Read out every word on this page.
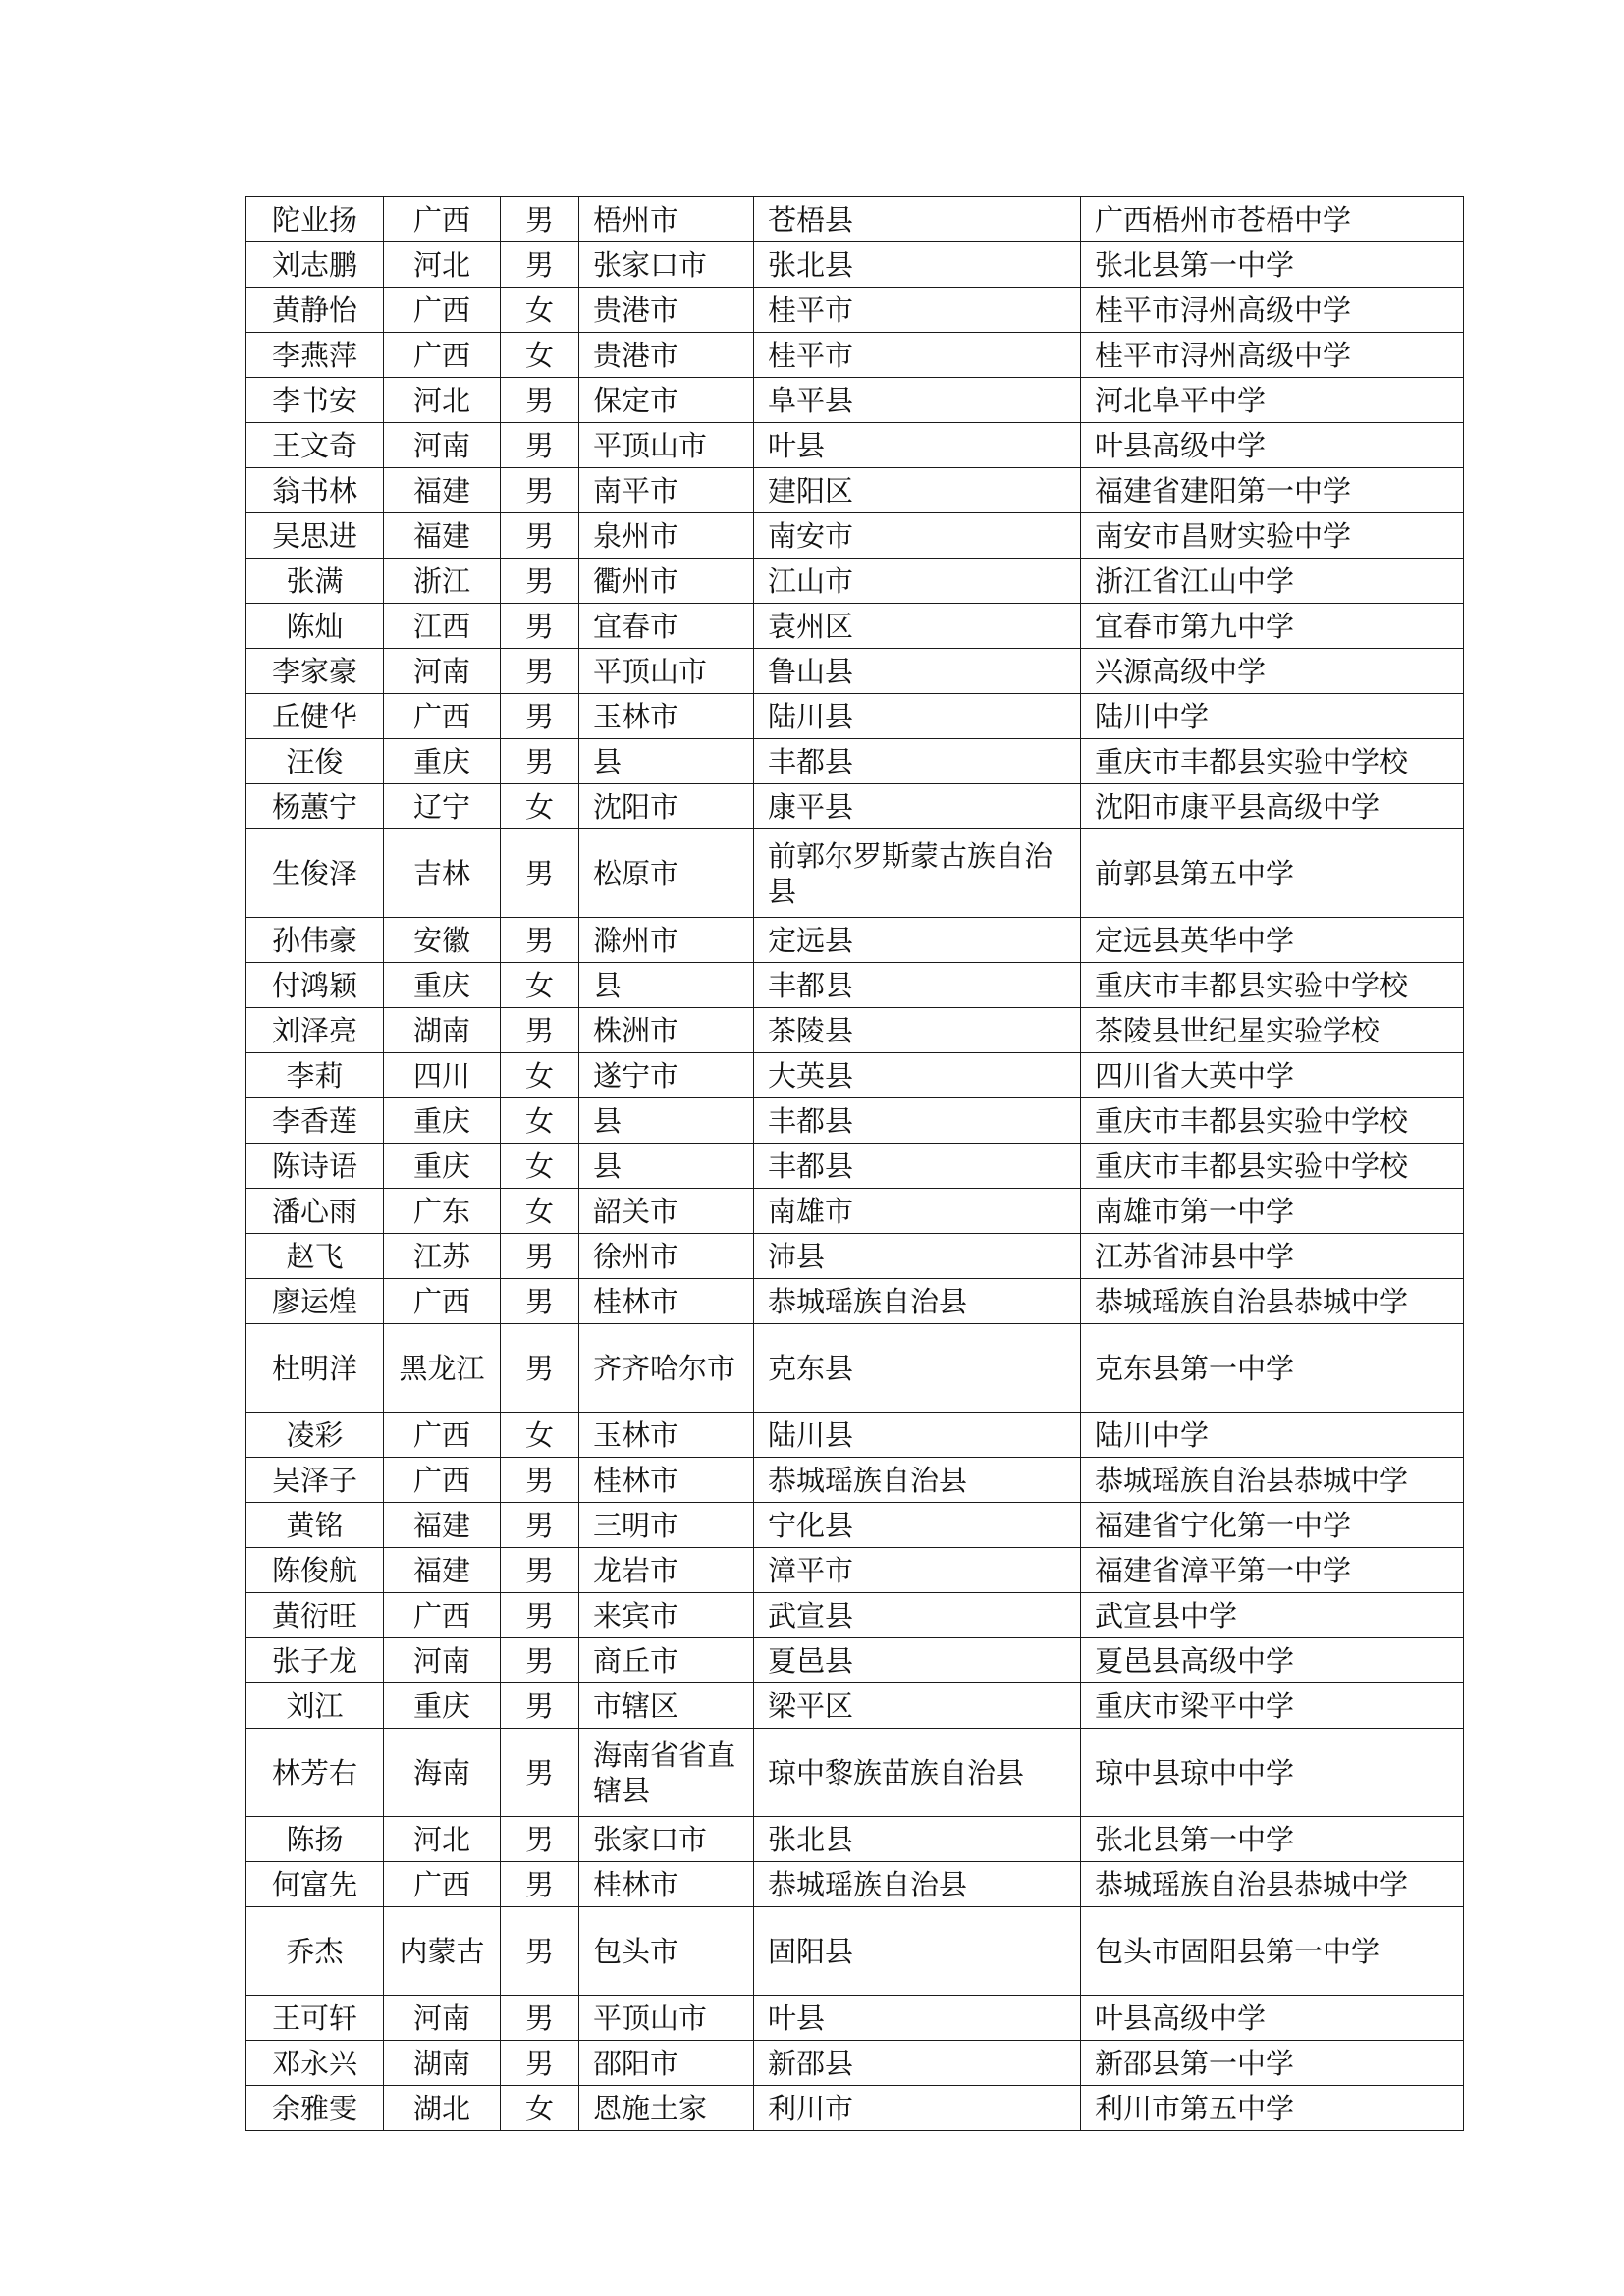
陀业扬	广西	男	梧州市	苍梧县	广西梧州市苍梧中学
刘志鹏	河北	男	张家口市	张北县	张北县第一中学
黄静怡	广西	女	贵港市	桂平市	桂平市浔州高级中学
李燕萍	广西	女	贵港市	桂平市	桂平市浔州高级中学
李书安	河北	男	保定市	阜平县	河北阜平中学
王文奇	河南	男	平顶山市	叶县	叶县高级中学
翁书林	福建	男	南平市	建阳区	福建省建阳第一中学
吴思进	福建	男	泉州市	南安市	南安市昌财实验中学
张满	浙江	男	衢州市	江山市	浙江省江山中学
陈灿	江西	男	宜春市	袁州区	宜春市第九中学
李家豪	河南	男	平顶山市	鲁山县	兴源高级中学
丘健华	广西	男	玉林市	陆川县	陆川中学
汪俊	重庆	男	县	丰都县	重庆市丰都县实验中学校
杨蕙宁	辽宁	女	沈阳市	康平县	沈阳市康平县高级中学
生俊泽	吉林	男	松原市	前郭尔罗斯蒙古族自治县	前郭县第五中学
孙伟豪	安徽	男	滁州市	定远县	定远县英华中学
付鸿颖	重庆	女	县	丰都县	重庆市丰都县实验中学校
刘泽亮	湖南	男	株洲市	茶陵县	茶陵县世纪星实验学校
李莉	四川	女	遂宁市	大英县	四川省大英中学
李香莲	重庆	女	县	丰都县	重庆市丰都县实验中学校
陈诗语	重庆	女	县	丰都县	重庆市丰都县实验中学校
潘心雨	广东	女	韶关市	南雄市	南雄市第一中学
赵飞	江苏	男	徐州市	沛县	江苏省沛县中学
廖运煌	广西	男	桂林市	恭城瑶族自治县	恭城瑶族自治县恭城中学
杜明洋	黑龙江	男	齐齐哈尔市	克东县	克东县第一中学
凌彩	广西	女	玉林市	陆川县	陆川中学
吴泽子	广西	男	桂林市	恭城瑶族自治县	恭城瑶族自治县恭城中学
黄铭	福建	男	三明市	宁化县	福建省宁化第一中学
陈俊航	福建	男	龙岩市	漳平市	福建省漳平第一中学
黄衍旺	广西	男	来宾市	武宣县	武宣县中学
张子龙	河南	男	商丘市	夏邑县	夏邑县高级中学
刘江	重庆	男	市辖区	梁平区	重庆市梁平中学
林芳右	海南	男	海南省省直辖县	琼中黎族苗族自治县	琼中县琼中中学
陈扬	河北	男	张家口市	张北县	张北县第一中学
何富先	广西	男	桂林市	恭城瑶族自治县	恭城瑶族自治县恭城中学
乔杰	内蒙古	男	包头市	固阳县	包头市固阳县第一中学
王可轩	河南	男	平顶山市	叶县	叶县高级中学
邓永兴	湖南	男	邵阳市	新邵县	新邵县第一中学
余雅雯	湖北	女	恩施土家	利川市	利川市第五中学
